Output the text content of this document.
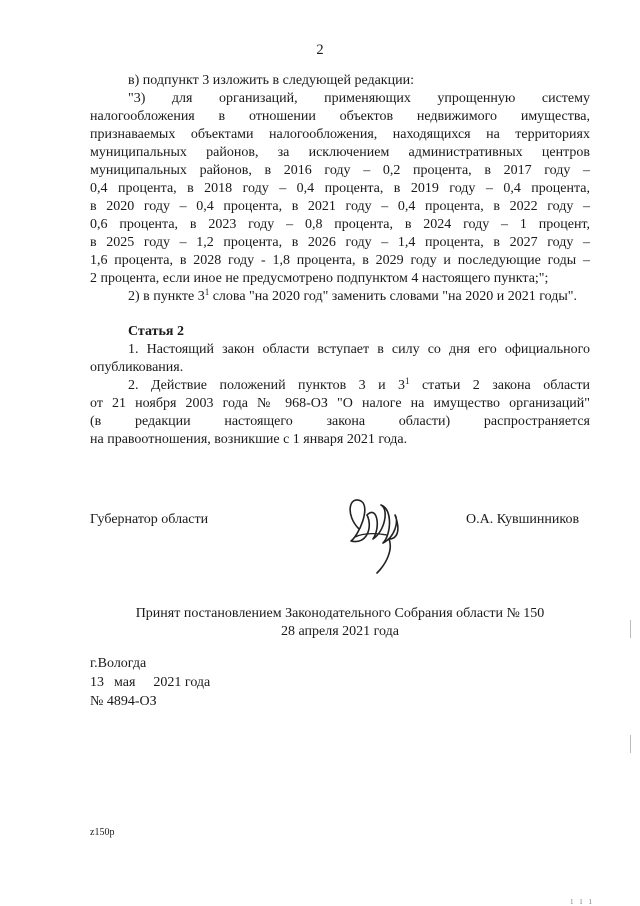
2

в) подпункт 3 изложить в следующей редакции:

"3) для организаций, применяющих упрощенную систему

налогообложения в отношении объектов недвижимого имущества,

признаваемых объектами налогообложения, находящихся на территориях

муниципальных районов, за исключением административных центров

муниципальных районов, в 2016 году – 0,2 процента, в 2017 году –

0,4 процента, в 2018 году – 0,4 процента, в 2019 году – 0,4 процента,

в 2020 году – 0,4 процента, в 2021 году – 0,4 процента, в 2022 году –

0,6 процента, в 2023 году – 0,8 процента, в 2024 году – 1 процент,

в 2025 году – 1,2 процента, в 2026 году – 1,4 процента, в 2027 году –

1,6 процента, в 2028 году - 1,8 процента, в 2029 году и последующие годы –

2 процента, если иное не предусмотрено подпунктом 4 настоящего пункта;";

2) в пункте $3^1$ слова "на 2020 год" заменить словами "на 2020 и 2021 годы".

Статья 2

1. Настоящий закон области вступает в силу со дня его официального

опубликования.

2. Действие положений пунктов 3 и $3^1$ статьи 2 закона области

от 21 ноября 2003 года № 968-ОЗ "О налоге на имущество организаций"

(в редакции настоящего закона области) распространяется

на правоотношения, возникшие с 1 января 2021 года.

Губернатор области	О.А. Кувшинников
Принят постановлением Законодательного Собрания области № 150
28 апреля 2021 года
г.Вологда
13 мая 2021 года
№ 4894-ОЗ
z150p
1 1 1
